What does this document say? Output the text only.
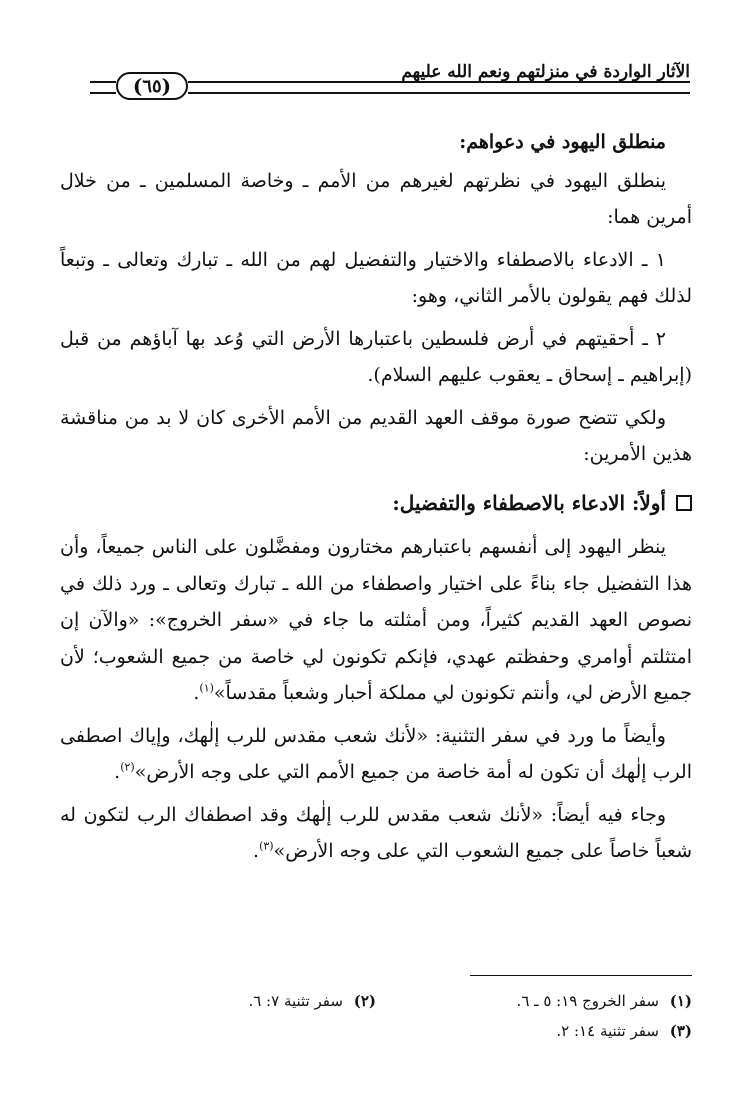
الآثار الواردة في منزلتهم ونعم الله عليهم
( ٦٥ )
منطلق اليهود في دعواهم:

ينطلق اليهود في نظرتهم لغيرهم من الأمم ـ وخاصة المسلمين ـ من خلال أمرين هما:

١ ـ الادعاء بالاصطفاء والاختيار والتفضيل لهم من الله ـ تبارك وتعالى ـ وتبعاً لذلك فهم يقولون بالأمر الثاني، وهو:

٢ ـ أحقيتهم في أرض فلسطين باعتبارها الأرض التي وُعد بها آباؤهم من قبل (إبراهيم ـ إسحاق ـ يعقوب عليهم السلام).

ولكي تتضح صورة موقف العهد القديم من الأمم الأخرى كان لا بد من مناقشة هذين الأمرين:

أولاً: الادعاء بالاصطفاء والتفضيل:

ينظر اليهود إلى أنفسهم باعتبارهم مختارون ومفضَّلون على الناس جميعاً، وأن هذا التفضيل جاء بناءً على اختيار واصطفاء من الله ـ تبارك وتعالى ـ ورد ذلك في نصوص العهد القديم كثيراً، ومن أمثلته ما جاء في «سفر الخروج»: «والآن إن امتثلتم أوامري وحفظتم عهدي، فإنكم تكونون لي خاصة من جميع الشعوب؛ لأن جميع الأرض لي، وأنتم تكونون لي مملكة أحبار وشعباً مقدساً»$^{(١)}$.

وأيضاً ما ورد في سفر التثنية: «لأنك شعب مقدس للرب إلٰهك، وإياك اصطفى الرب إلٰهك أن تكون له أمة خاصة من جميع الأمم التي على وجه الأرض»$^{(٢)}$.

وجاء فيه أيضاً: «لأنك شعب مقدس للرب إلٰهك وقد اصطفاك الرب لتكون له شعباً خاصاً على جميع الشعوب التي على وجه الأرض»$^{(٣)}$.

(١) سفر الخروج ١٩: ٥ ـ ٦.
(٢) سفر تثنية ٧: ٦.
(٣) سفر تثنية ١٤: ٢.
